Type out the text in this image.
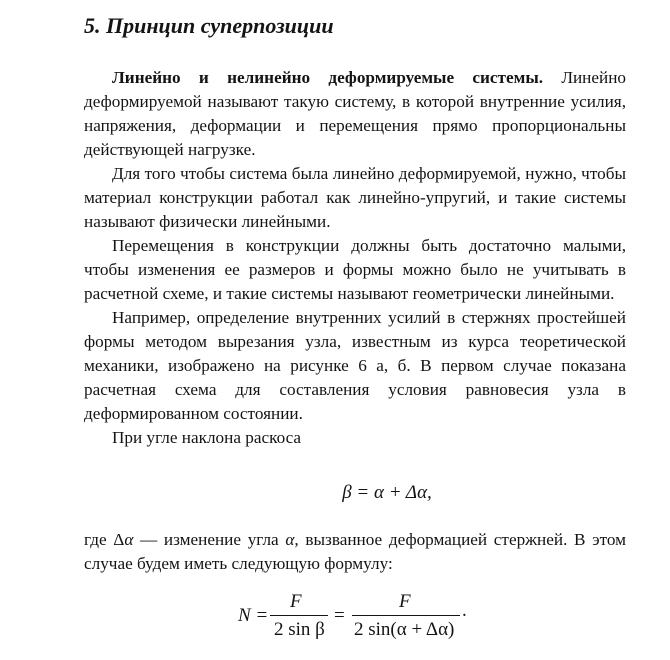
5. Принцип суперпозиции

Линейно и нелинейно деформируемые системы. Линейно деформируемой называют такую систему, в которой внутренние усилия, напряжения, деформации и перемещения прямо пропорциональны действующей нагрузке.

Для того чтобы система была линейно деформируемой, нужно, чтобы материал конструкции работал как линейно-упругий, и такие системы называют физически линейными.

Перемещения в конструкции должны быть достаточно малыми, чтобы изменения ее размеров и формы можно было не учитывать в расчетной схеме, и такие системы называют геометрически линейными.

Например, определение внутренних усилий в стержнях простейшей формы методом вырезания узла, известным из курса теоретической механики, изображено на рисунке 6 а, б. В первом случае показана расчетная схема для составления условия равновесия узла в деформированном состоянии.

При угле наклона раскоса

β = α + Δα,

где Δα — изменение угла α, вызванное деформацией стержней. В этом случае будем иметь следующую формулу:

N =
F
2 sin β
=
F
2 sin(α + Δα)
.
